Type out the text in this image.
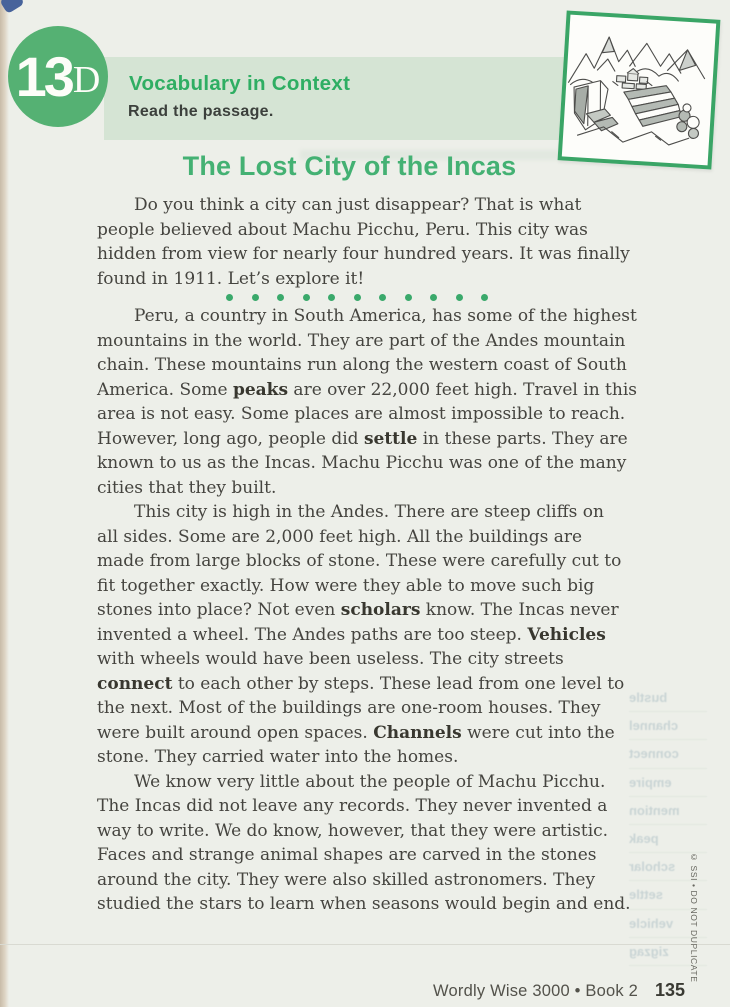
13 D Vocabulary in Context
Read the passage.
The Lost City of the Incas
Do you think a city can just disappear? That is what
people believed about Machu Picchu, Peru. This city was
hidden from view for nearly four hundred years. It was finally
found in 1911. Let’s explore it!
Peru, a country in South America, has some of the highest
mountains in the world. They are part of the Andes mountain
chain. These mountains run along the western coast of South
America. Some peaks are over 22,000 feet high. Travel in this
area is not easy. Some places are almost impossible to reach.
However, long ago, people did settle in these parts. They are
known to us as the Incas. Machu Picchu was one of the many
cities that they built.
This city is high in the Andes. There are steep cliffs on
all sides. Some are 2,000 feet high. All the buildings are
made from large blocks of stone. These were carefully cut to
fit together exactly. How were they able to move such big
stones into place? Not even scholars know. The Incas never
invented a wheel. The Andes paths are too steep. Vehicles
with wheels would have been useless. The city streets
connect to each other by steps. These lead from one level to
the next. Most of the buildings are one-room houses. They
were built around open spaces. Channels were cut into the
stone. They carried water into the homes.
We know very little about the people of Machu Picchu.
The Incas did not leave any records. They never invented a
way to write. We do know, however, that they were artistic.
Faces and strange animal shapes are carved in the stones
around the city. They were also skilled astronomers. They
studied the stars to learn when seasons would begin and end.
bustle
channel
connect
empire
mention
peak
scholar
settle
vehicle
zigzag	© SSI • DO NOT DUPLICATE
Wordly Wise 3000 • Book 2 135
